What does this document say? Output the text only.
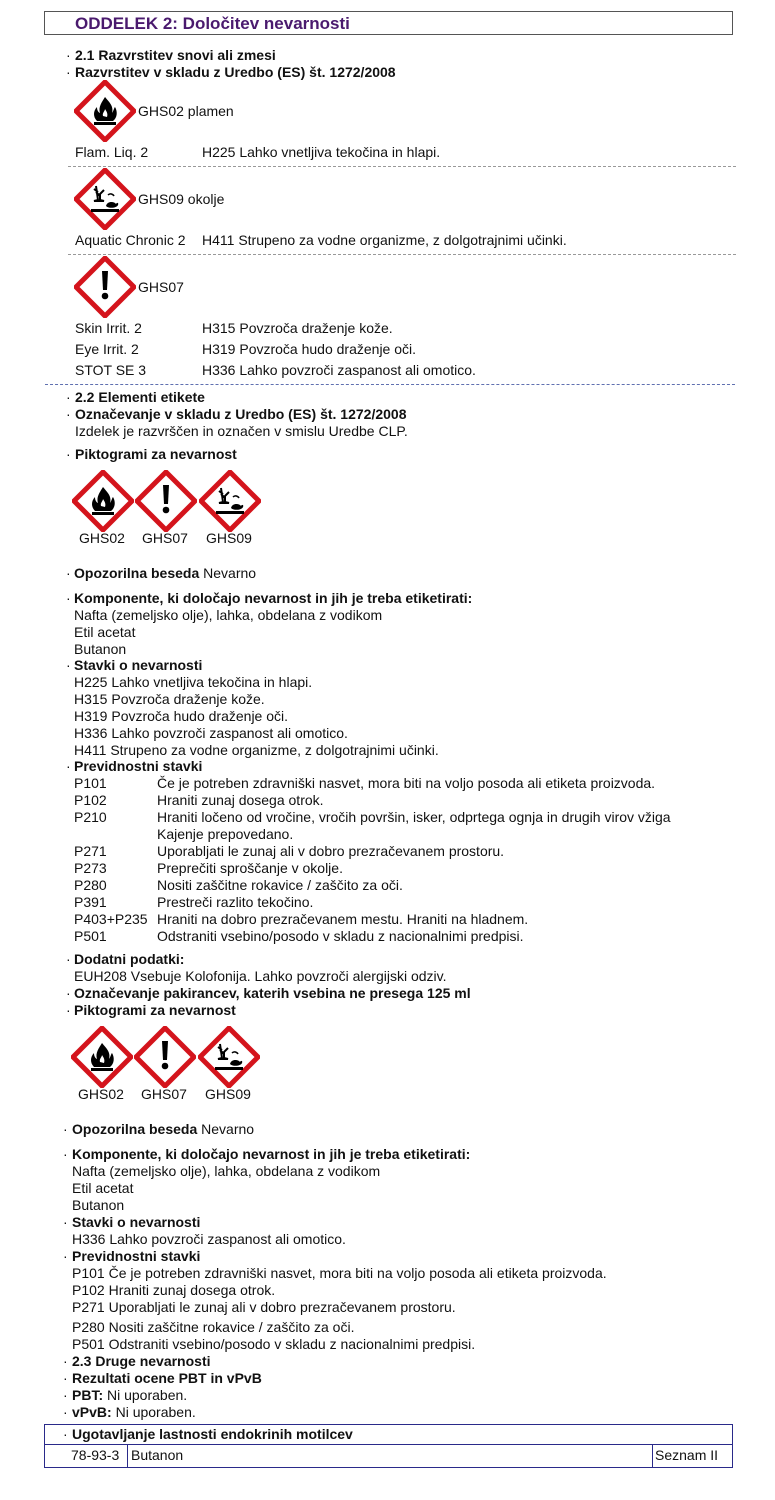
ODDELEK 2: Določitev nevarnosti
· 2.1 Razvrstitev snovi ali zmesi
· Razvrstitev v skladu z Uredbo (ES) št. 1272/2008
GHS02 plamen
Flam. Liq. 2	H225 Lahko vnetljiva tekočina in hlapi.
GHS09 okolje
Aquatic Chronic 2 H411 Strupeno za vodne organizme, z dolgotrajnimi učinki.
GHS07
Skin Irrit. 2	H315 Povzroča draženje kože.
Eye Irrit. 2	H319 Povzroča hudo draženje oči.
STOT SE 3	H336 Lahko povzroči zaspanost ali omotico.
· 2.2 Elementi etikete
· Označevanje v skladu z Uredbo (ES) št. 1272/2008
Izdelek je razvrščen in označen v smislu Uredbe CLP.
· Piktogrami za nevarnost
GHS02 GHS07 GHS09
· Opozorilna beseda Nevarno
· Komponente, ki določajo nevarnost in jih je treba etiketirati:
Nafta (zemeljsko olje), lahka, obdelana z vodikom
Etil acetat
Butanon
· Stavki o nevarnosti
H225 Lahko vnetljiva tekočina in hlapi.
H315 Povzroča draženje kože.
H319 Povzroča hudo draženje oči.
H336 Lahko povzroči zaspanost ali omotico.
H411 Strupeno za vodne organizme, z dolgotrajnimi učinki.
· Previdnostni stavki
P101	Če je potreben zdravniški nasvet, mora biti na voljo posoda ali etiketa proizvoda.
P102	Hraniti zunaj dosega otrok.
P210	Hraniti ločeno od vročine, vročih površin, isker, odprtega ognja in drugih virov vžiga
Kajenje prepovedano.
P271	Uporabljati le zunaj ali v dobro prezračevanem prostoru.
P273	Preprečiti sproščanje v okolje.
P280	Nositi zaščitne rokavice / zaščito za oči.
P391	Prestreči razlito tekočino.
P403+P235 Hraniti na dobro prezračevanem mestu. Hraniti na hladnem.
P501	Odstraniti vsebino/posodo v skladu z nacionalnimi predpisi.
· Dodatni podatki:
EUH208 Vsebuje Kolofonija. Lahko povzroči alergijski odziv.
· Označevanje pakirancev, katerih vsebina ne presega 125 ml
· Piktogrami za nevarnost
GHS02 GHS07 GHS09
· Opozorilna beseda Nevarno
· Komponente, ki določajo nevarnost in jih je treba etiketirati:
Nafta (zemeljsko olje), lahka, obdelana z vodikom
Etil acetat
Butanon
· Stavki o nevarnosti
H336 Lahko povzroči zaspanost ali omotico.
· Previdnostni stavki
P101 Če je potreben zdravniški nasvet, mora biti na voljo posoda ali etiketa proizvoda.
P102 Hraniti zunaj dosega otrok.
P271 Uporabljati le zunaj ali v dobro prezračevanem prostoru.
P280 Nositi zaščitne rokavice / zaščito za oči.
P501 Odstraniti vsebino/posodo v skladu z nacionalnimi predpisi.
· 2.3 Druge nevarnosti
· Rezultati ocene PBT in vPvB
· PBT: Ni uporaben.
· vPvB: Ni uporaben.
· Ugotavljanje lastnosti endokrinih motilcev
78-93-3 Butanon	Seznam II
